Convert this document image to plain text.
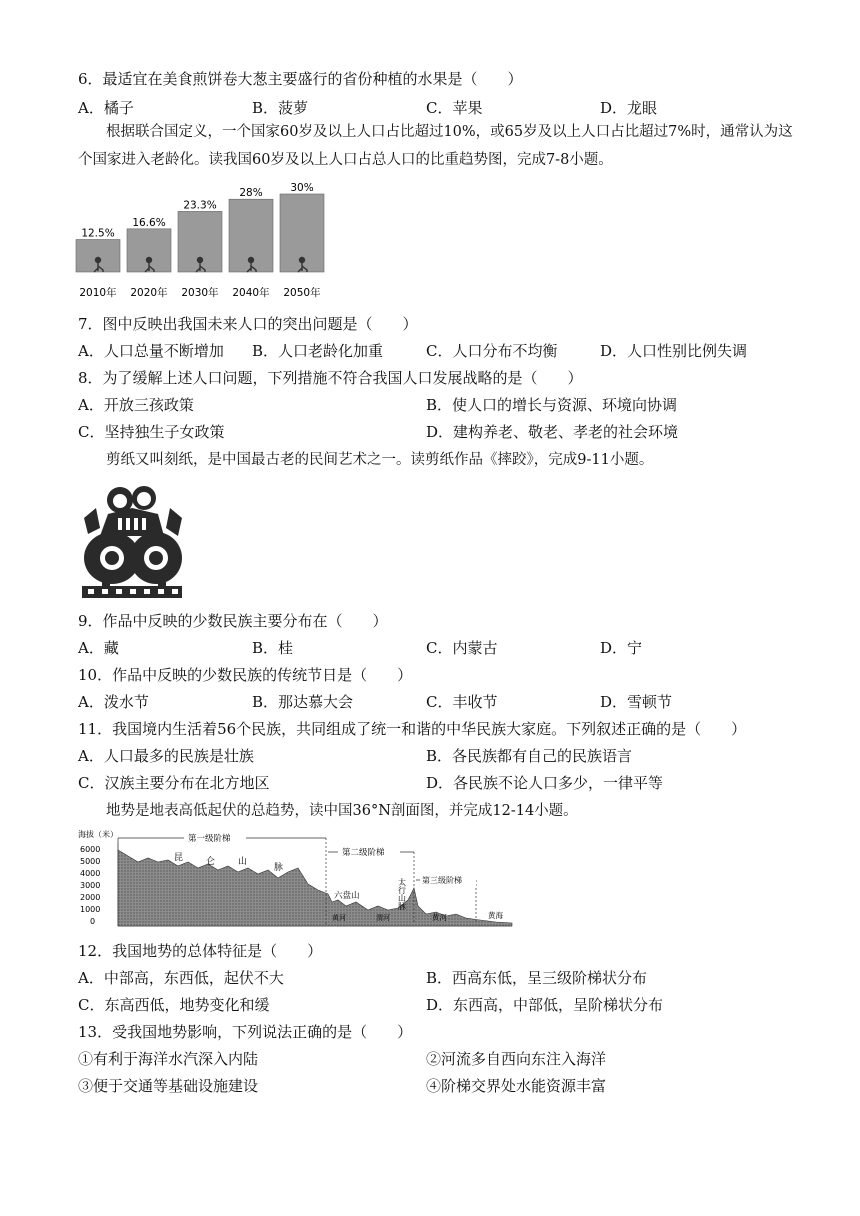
6．最适宜在美食煎饼卷大葱主要盛行的省份种植的水果是（　　）
A．橘子	B．菠萝	C．苹果	D．龙眼
根据联合国定义，一个国家60岁及以上人口占比超过10%，或65岁及以上人口占比超过7%时，通常认为这个国家进入老龄化。读我国60岁及以上人口占总人口的比重趋势图，完成7-8小题。
12.5%
2010年
16.6%
2020年
23.3%
2030年
28%
2040年
30%
2050年
7．图中反映出我国未来人口的突出问题是（　　）
A．人口总量不断增加 B．人口老龄化加重	C．人口分布不均衡	D．人口性别比例失调
8．为了缓解上述人口问题，下列措施不符合我国人口发展战略的是（　　）
A．开放三孩政策	B．使人口的增长与资源、环境向协调
C．坚持独生子女政策	D．建构养老、敬老、孝老的社会环境
剪纸又叫刻纸，是中国最古老的民间艺术之一。读剪纸作品《摔跤》，完成9-11小题。
9．作品中反映的少数民族主要分布在（　　）
A．藏	B．桂	C．内蒙古	D．宁
10．作品中反映的少数民族的传统节日是（　　）
A．泼水节	B．那达慕大会	C．丰收节	D．雪顿节
11．我国境内生活着56个民族，共同组成了统一和谐的中华民族大家庭。下列叙述正确的是（　　）
A．人口最多的民族是壮族	B．各民族都有自己的民族语言
C．汉族主要分布在北方地区	D．各民族不论人口多少，一律平等
地势是地表高低起伏的总趋势，读中国36°N剖面图，并完成12-14小题。
海拔（米）
6000
5000
4000
3000
2000
1000
0
第一级阶梯
第二级阶梯
第三级阶梯
昆	仑	山
脉
六盘山	太行山脉
黄河	渭河	黄河	黄海
12．我国地势的总体特征是（　　）
A．中部高，东西低，起伏不大	B．西高东低，呈三级阶梯状分布
C．东高西低，地势变化和缓	D．东西高，中部低，呈阶梯状分布
13．受我国地势影响，下列说法正确的是（　　）
①有利于海洋水汽深入内陆	②河流多自西向东注入海洋
③便于交通等基础设施建设	④阶梯交界处水能资源丰富
